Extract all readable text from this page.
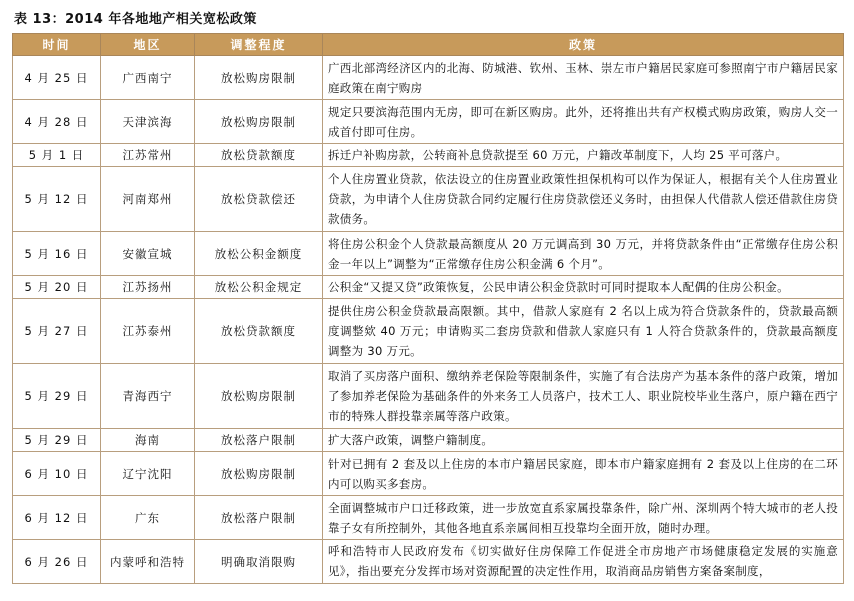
表 13：2014 年各地地产相关宽松政策
时间	地区	调整程度	政策
4 月 25 日	广西南宁	放松购房限制	广西北部湾经济区内的北海、防城港、钦州、玉林、崇左市户籍居民家庭可参照南宁市户籍居民家庭政策在南宁购房
4 月 28 日	天津滨海	放松购房限制	规定只要滨海范围内无房，即可在新区购房。此外，还将推出共有产权模式购房政策，购房人交一成首付即可住房。
5 月 1 日	江苏常州	放松贷款额度	拆迁户补购房款，公转商补息贷款提至 60 万元，户籍改革制度下，人均 25 平可落户。
5 月 12 日	河南郑州	放松贷款偿还	个人住房置业贷款，依法设立的住房置业政策性担保机构可以作为保证人，根据有关个人住房置业贷款，为申请个人住房贷款合同约定履行住房贷款偿还义务时，由担保人代借款人偿还借款住房贷款债务。
5 月 16 日	安徽宣城	放松公积金额度	将住房公积金个人贷款最高额度从 20 万元调高到 30 万元，并将贷款条件由“正常缴存住房公积金一年以上”调整为“正常缴存住房公积金满 6 个月”。
5 月 20 日	江苏扬州	放松公积金规定	公积金“又提又贷”政策恢复，公民申请公积金贷款时可同时提取本人配偶的住房公积金。
5 月 27 日	江苏泰州	放松贷款额度	提供住房公积金贷款最高限额。其中，借款人家庭有 2 名以上成为符合贷款条件的，贷款最高额度调整欸 40 万元；申请购买二套房贷款和借款人家庭只有 1 人符合贷款条件的，贷款最高额度调整为 30 万元。
5 月 29 日	青海西宁	放松购房限制	取消了买房落户面积、缴纳养老保险等限制条件，实施了有合法房产为基本条件的落户政策，增加了参加养老保险为基础条件的外来务工人员落户，技术工人、职业院校毕业生落户，原户籍在西宁市的特殊人群投靠亲属等落户政策。
5 月 29 日	海南	放松落户限制	扩大落户政策，调整户籍制度。
6 月 10 日	辽宁沈阳	放松购房限制	针对已拥有 2 套及以上住房的本市户籍居民家庭，即本市户籍家庭拥有 2 套及以上住房的在二环内可以购买多套房。
6 月 12 日	广东	放松落户限制	全面调整城市户口迁移政策，进一步放宽直系家属投靠条件，除广州、深圳两个特大城市的老人投靠子女有所控制外，其他各地直系亲属间相互投靠均全面开放，随时办理。
6 月 26 日	内蒙呼和浩特	明确取消限购	呼和浩特市人民政府发布《切实做好住房保障工作促进全市房地产市场健康稳定发展的实施意见》，指出要充分发挥市场对资源配置的决定性作用，取消商品房销售方案备案制度，
